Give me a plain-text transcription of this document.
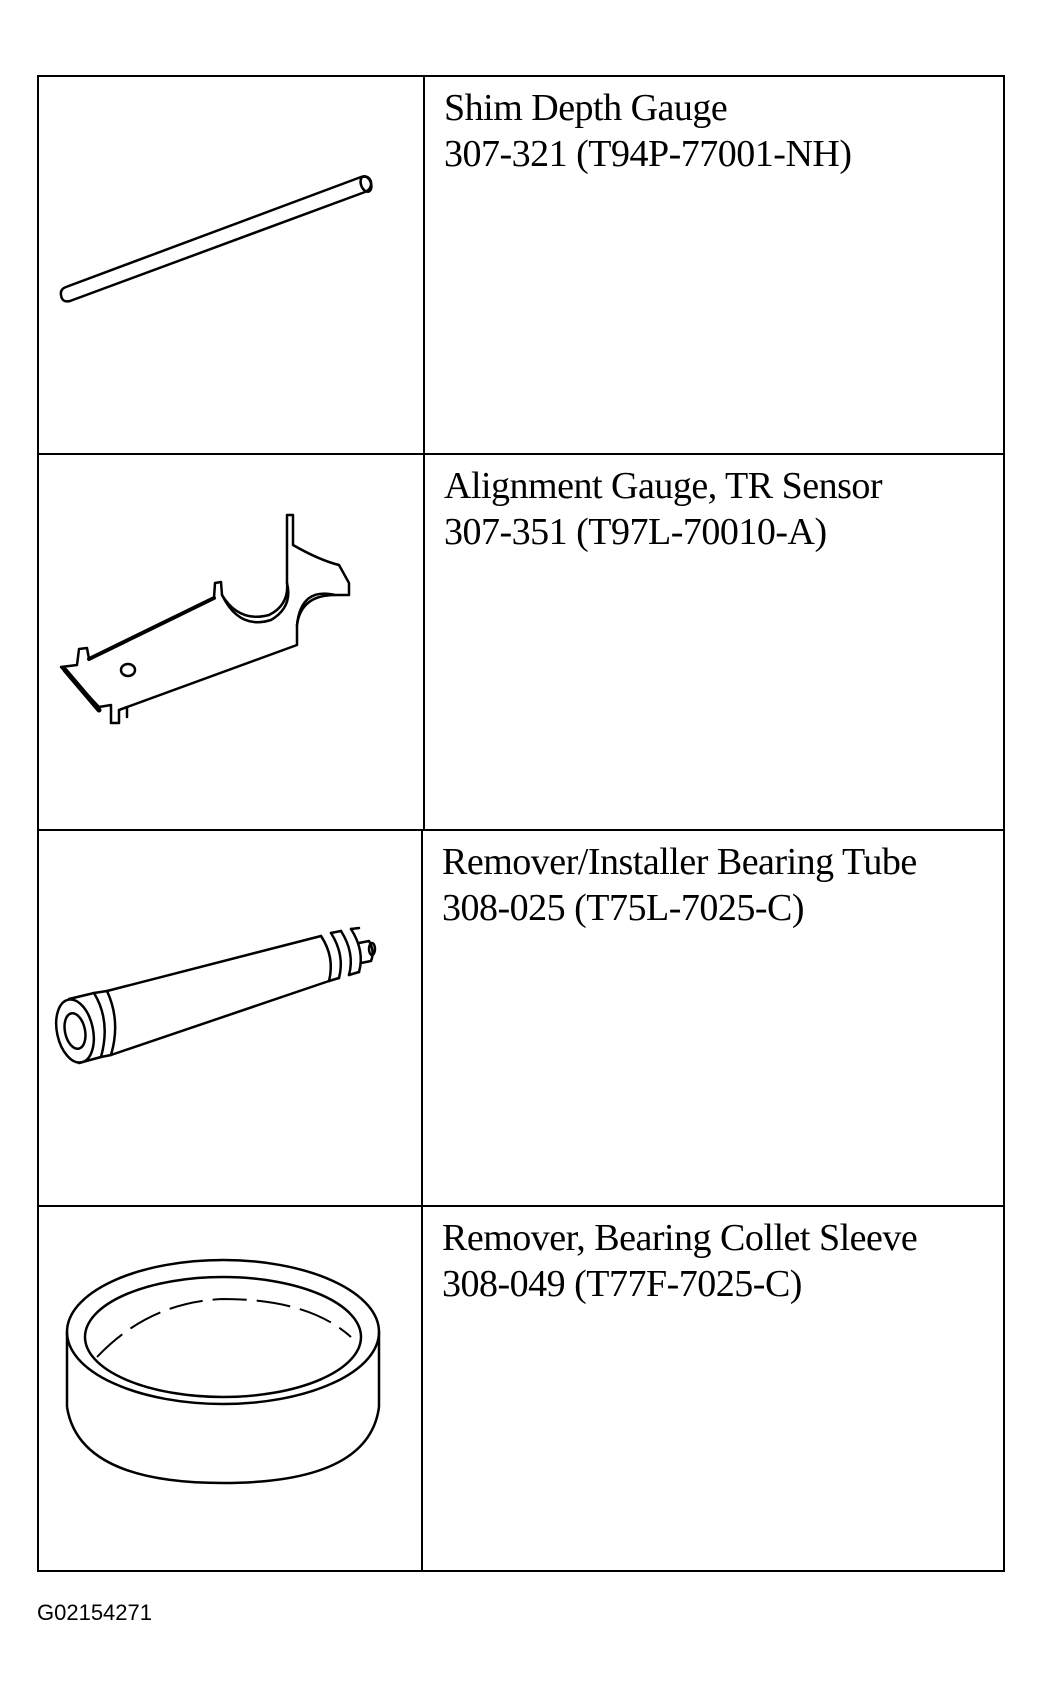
Shim Depth Gauge
307-321 (T94P-77001-NH)
Alignment Gauge, TR Sensor
307-351 (T97L-70010-A)
Remover/Installer Bearing Tube
308-025 (T75L-7025-C)
Remover, Bearing Collet Sleeve
308-049 (T77F-7025-C)
G02154271
